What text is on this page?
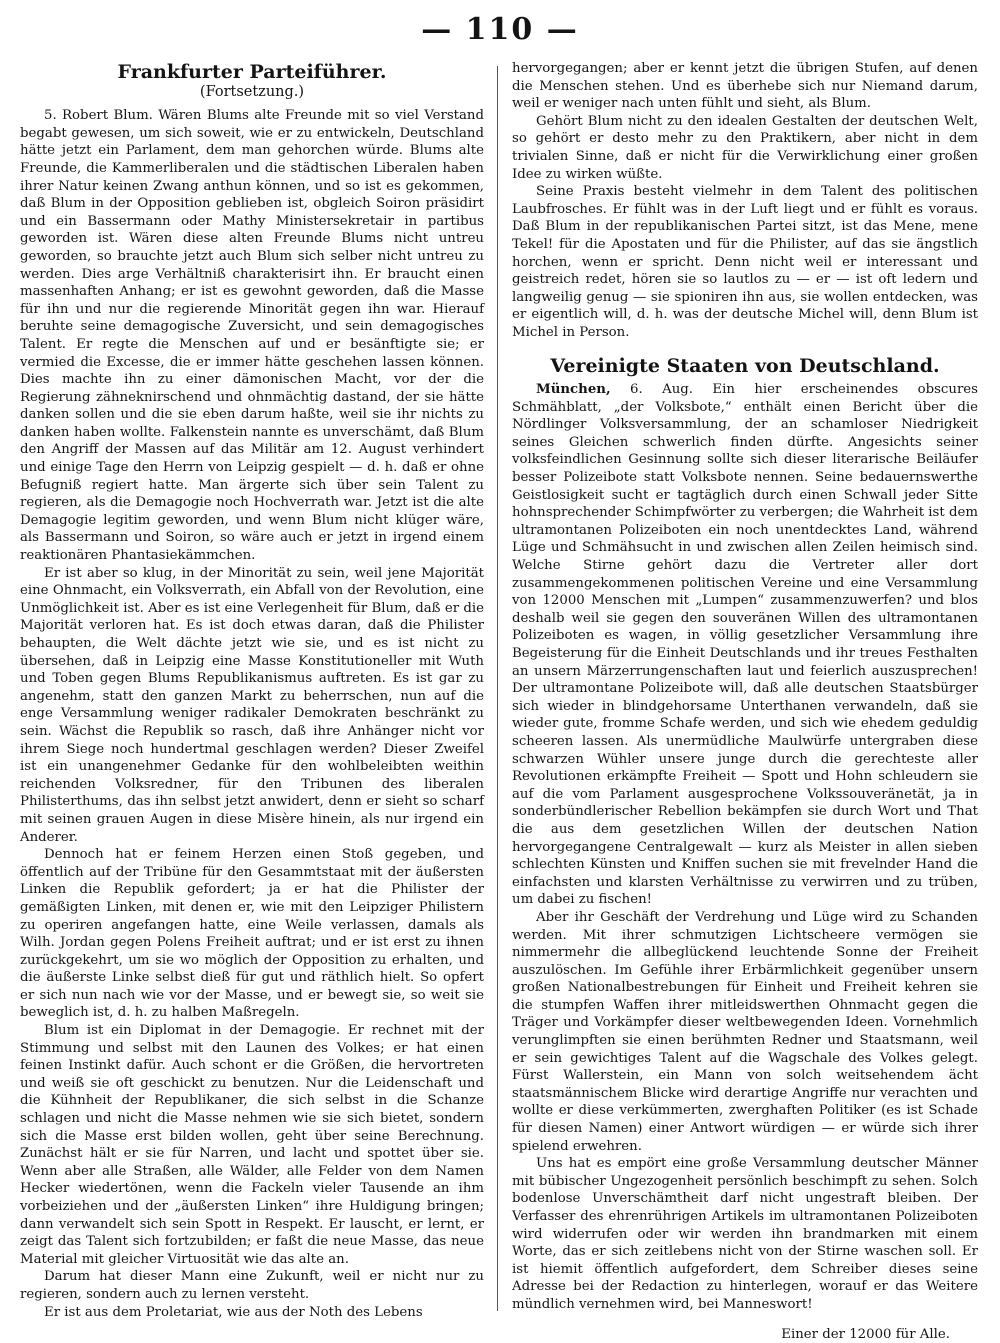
— 110 —
Frankfurter Parteiführer.
(Fortsetzung.)

5. Robert Blum. Wären Blums alte Freunde mit so viel Verstand begabt gewesen, um sich soweit, wie er zu entwickeln, Deutschland hätte jetzt ein Parlament, dem man gehorchen würde. Blums alte Freunde, die Kammerliberalen und die städtischen Liberalen haben ihrer Natur keinen Zwang anthun können, und so ist es gekommen, daß Blum in der Opposition geblieben ist, obgleich Soiron präsidirt und ein Bassermann oder Mathy Ministersekretair in partibus geworden ist. Wären diese alten Freunde Blums nicht untreu geworden, so brauchte jetzt auch Blum sich selber nicht untreu zu werden. Dies arge Verhältniß charakterisirt ihn. Er braucht einen massenhaften Anhang; er ist es gewohnt geworden, daß die Masse für ihn und nur die regierende Minorität gegen ihn war. Hierauf beruhte seine demagogische Zuversicht, und sein demagogisches Talent. Er regte die Menschen auf und er besänftigte sie; er vermied die Excesse, die er immer hätte geschehen lassen können. Dies machte ihn zu einer dämonischen Macht, vor der die Regierung zähneknirschend und ohnmächtig dastand, der sie hätte danken sollen und die sie eben darum haßte, weil sie ihr nichts zu danken haben wollte. Falkenstein nannte es unverschämt, daß Blum den Angriff der Massen auf das Militär am 12. August verhindert und einige Tage den Herrn von Leipzig gespielt — d. h. daß er ohne Befugniß regiert hatte. Man ärgerte sich über sein Talent zu regieren, als die Demagogie noch Hochverrath war. Jetzt ist die alte Demagogie legitim geworden, und wenn Blum nicht klüger wäre, als Bassermann und Soiron, so wäre auch er jetzt in irgend einem reaktionären Phantasiekämmchen.

Er ist aber so klug, in der Minorität zu sein, weil jene Majorität eine Ohnmacht, ein Volksverrath, ein Abfall von der Revolution, eine Unmöglichkeit ist. Aber es ist eine Verlegenheit für Blum, daß er die Majorität verloren hat. Es ist doch etwas daran, daß die Philister behaupten, die Welt dächte jetzt wie sie, und es ist nicht zu übersehen, daß in Leipzig eine Masse Konstitutioneller mit Wuth und Toben gegen Blums Republikanismus auftreten. Es ist gar zu angenehm, statt den ganzen Markt zu beherrschen, nun auf die enge Versammlung weniger radikaler Demokraten beschränkt zu sein. Wächst die Republik so rasch, daß ihre Anhänger nicht vor ihrem Siege noch hundertmal geschlagen werden? Dieser Zweifel ist ein unangenehmer Gedanke für den wohlbeleibten weithin reichenden Volksredner, für den Tribunen des liberalen Philisterthums, das ihn selbst jetzt anwidert, denn er sieht so scharf mit seinen grauen Augen in diese Misère hinein, als nur irgend ein Anderer.

Dennoch hat er feinem Herzen einen Stoß gegeben, und öffentlich auf der Tribüne für den Gesammtstaat mit der äußersten Linken die Republik gefordert; ja er hat die Philister der gemäßigten Linken, mit denen er, wie mit den Leipziger Philistern zu operiren angefangen hatte, eine Weile verlassen, damals als Wilh. Jordan gegen Polens Freiheit auftrat; und er ist erst zu ihnen zurückgekehrt, um sie wo möglich der Opposition zu erhalten, und die äußerste Linke selbst dieß für gut und räthlich hielt. So opfert er sich nun nach wie vor der Masse, und er bewegt sie, so weit sie beweglich ist, d. h. zu halben Maßregeln.

Blum ist ein Diplomat in der Demagogie. Er rechnet mit der Stimmung und selbst mit den Launen des Volkes; er hat einen feinen Instinkt dafür. Auch schont er die Größen, die hervortreten und weiß sie oft geschickt zu benutzen. Nur die Leidenschaft und die Kühnheit der Republikaner, die sich selbst in die Schanze schlagen und nicht die Masse nehmen wie sie sich bietet, sondern sich die Masse erst bilden wollen, geht über seine Berechnung. Zunächst hält er sie für Narren, und lacht und spottet über sie. Wenn aber alle Straßen, alle Wälder, alle Felder von dem Namen Hecker wiedertönen, wenn die Fackeln vieler Tausende an ihm vorbeiziehen und der „äußersten Linken“ ihre Huldigung bringen; dann verwandelt sich sein Spott in Respekt. Er lauscht, er lernt, er zeigt das Talent sich fortzubilden; er faßt die neue Masse, das neue Material mit gleicher Virtuosität wie das alte an.

Darum hat dieser Mann eine Zukunft, weil er nicht nur zu regieren, sondern auch zu lernen versteht.

Er ist aus dem Proletariat, wie aus der Noth des Lebens

hervorgegangen; aber er kennt jetzt die übrigen Stufen, auf denen die Menschen stehen. Und es überhebe sich nur Niemand darum, weil er weniger nach unten fühlt und sieht, als Blum.

Gehört Blum nicht zu den idealen Gestalten der deutschen Welt, so gehört er desto mehr zu den Praktikern, aber nicht in dem trivialen Sinne, daß er nicht für die Verwirklichung einer großen Idee zu wirken wüßte.

Seine Praxis besteht vielmehr in dem Talent des politischen Laubfrosches. Er fühlt was in der Luft liegt und er fühlt es voraus. Daß Blum in der republikanischen Partei sitzt, ist das Mene, mene Tekel! für die Apostaten und für die Philister, auf das sie ängstlich horchen, wenn er spricht. Denn nicht weil er interessant und geistreich redet, hören sie so lautlos zu — er — ist oft ledern und langweilig genug — sie spioniren ihn aus, sie wollen entdecken, was er eigentlich will, d. h. was der deutsche Michel will, denn Blum ist Michel in Person.

Vereinigte Staaten von Deutschland.

München, 6. Aug. Ein hier erscheinendes obscures Schmähblatt, „der Volksbote,“ enthält einen Bericht über die Nördlinger Volksversammlung, der an schamloser Niedrigkeit seines Gleichen schwerlich finden dürfte. Angesichts seiner volksfeindlichen Gesinnung sollte sich dieser literarische Beiläufer besser Polizeibote statt Volksbote nennen. Seine bedauernswerthe Geistlosigkeit sucht er tagtäglich durch einen Schwall jeder Sitte hohnsprechender Schimpfwörter zu verbergen; die Wahrheit ist dem ultramontanen Polizeiboten ein noch unentdecktes Land, während Lüge und Schmähsucht in und zwischen allen Zeilen heimisch sind. Welche Stirne gehört dazu die Vertreter aller dort zusammengekommenen politischen Vereine und eine Versammlung von 12000 Menschen mit „Lumpen“ zusammenzuwerfen? und blos deshalb weil sie gegen den souveränen Willen des ultramontanen Polizeiboten es wagen, in völlig gesetzlicher Versammlung ihre Begeisterung für die Einheit Deutschlands und ihr treues Festhalten an unsern Märzerrungenschaften laut und feierlich auszusprechen! Der ultramontane Polizeibote will, daß alle deutschen Staatsbürger sich wieder in blindgehorsame Unterthanen verwandeln, daß sie wieder gute, fromme Schafe werden, und sich wie ehedem geduldig scheeren lassen. Als unermüdliche Maulwürfe untergraben diese schwarzen Wühler unsere junge durch die gerechteste aller Revolutionen erkämpfte Freiheit — Spott und Hohn schleudern sie auf die vom Parlament ausgesprochene Volkssouveränetät, ja in sonderbündlerischer Rebellion bekämpfen sie durch Wort und That die aus dem gesetzlichen Willen der deutschen Nation hervorgegangene Centralgewalt — kurz als Meister in allen sieben schlechten Künsten und Kniffen suchen sie mit frevelnder Hand die einfachsten und klarsten Verhältnisse zu verwirren und zu trüben, um dabei zu fischen!

Aber ihr Geschäft der Verdrehung und Lüge wird zu Schanden werden. Mit ihrer schmutzigen Lichtscheere vermögen sie nimmermehr die allbeglückend leuchtende Sonne der Freiheit auszulöschen. Im Gefühle ihrer Erbärmlichkeit gegenüber unsern großen Nationalbestrebungen für Einheit und Freiheit kehren sie die stumpfen Waffen ihrer mitleidswerthen Ohnmacht gegen die Träger und Vorkämpfer dieser weltbewegenden Ideen. Vornehmlich verunglimpften sie einen berühmten Redner und Staatsmann, weil er sein gewichtiges Talent auf die Wagschale des Volkes gelegt. Fürst Wallerstein, ein Mann von solch weitsehendem ächt staatsmännischem Blicke wird derartige Angriffe nur verachten und wollte er diese verkümmerten, zwerghaften Politiker (es ist Schade für diesen Namen) einer Antwort würdigen — er würde sich ihrer spielend erwehren.

Uns hat es empört eine große Versammlung deutscher Männer mit bübischer Ungezogenheit persönlich beschimpft zu sehen. Solch bodenlose Unverschämtheit darf nicht ungestraft bleiben. Der Verfasser des ehrenrührigen Artikels im ultramontanen Polizeiboten wird widerrufen oder wir werden ihn brandmarken mit einem Worte, das er sich zeitlebens nicht von der Stirne waschen soll. Er ist hiemit öffentlich aufgefordert, dem Schreiber dieses seine Adresse bei der Redaction zu hinterlegen, worauf er das Weitere mündlich vernehmen wird, bei Manneswort!

Einer der 12000 für Alle.
